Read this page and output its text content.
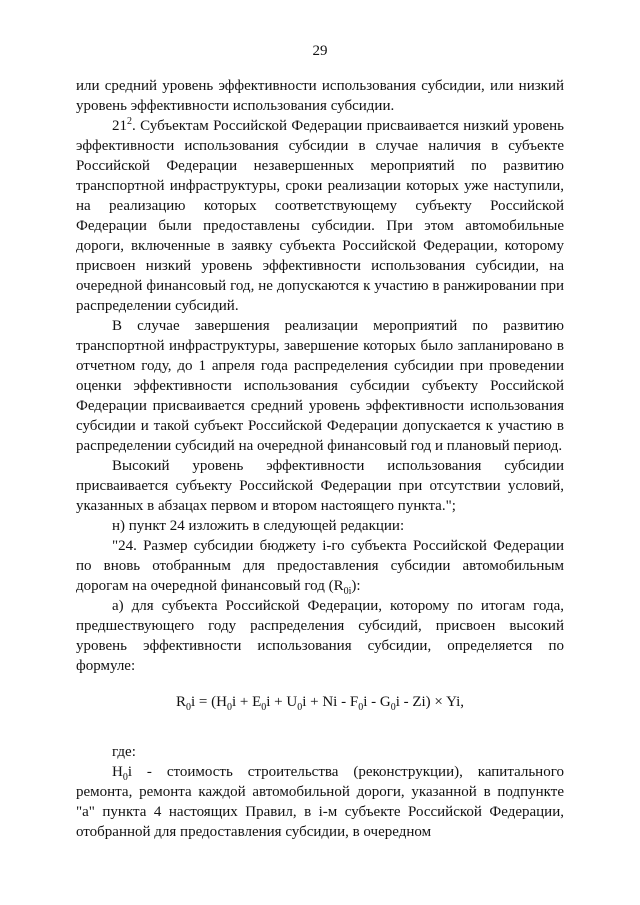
29

или средний уровень эффективности использования субсидии, или низкий уровень эффективности использования субсидии.

$21^2$. Субъектам Российской Федерации присваивается низкий уровень эффективности использования субсидии в случае наличия в субъекте Российской Федерации незавершенных мероприятий по развитию транспортной инфраструктуры, сроки реализации которых уже наступили, на реализацию которых соответствующему субъекту Российской Федерации были предоставлены субсидии. При этом автомобильные дороги, включенные в заявку субъекта Российской Федерации, которому присвоен низкий уровень эффективности использования субсидии, на очередной финансовый год, не допускаются к участию в ранжировании при распределении субсидий.

В случае завершения реализации мероприятий по развитию транспортной инфраструктуры, завершение которых было запланировано в отчетном году, до 1 апреля года распределения субсидии при проведении оценки эффективности использования субсидии субъекту Российской Федерации присваивается средний уровень эффективности использования субсидии и такой субъект Российской Федерации допускается к участию в распределении субсидий на очередной финансовый год и плановый период.

Высокий уровень эффективности использования субсидии присваивается субъекту Российской Федерации при отсутствии условий, указанных в абзацах первом и втором настоящего пункта.";

н) пункт 24 изложить в следующей редакции:

"24. Размер субсидии бюджету i-го субъекта Российской Федерации по вновь отобранным для предоставления субсидии автомобильным дорогам на очередной финансовый год $(R_{0i})$:

а) для субъекта Российской Федерации, которому по итогам года, предшествующего году распределения субсидий, присвоен высокий уровень эффективности использования субсидии, определяется по формуле:

$R_0i = (H_0i + E_0i + U_0i + Ni - F_0i - G_0i - Zi) \times Yi$,

где:

$H_0i$ - стоимость строительства (реконструкции), капитального ремонта, ремонта каждой автомобильной дороги, указанной в подпункте "а" пункта 4 настоящих Правил, в i-м субъекте Российской Федерации, отобранной для предоставления субсидии, в очередном
